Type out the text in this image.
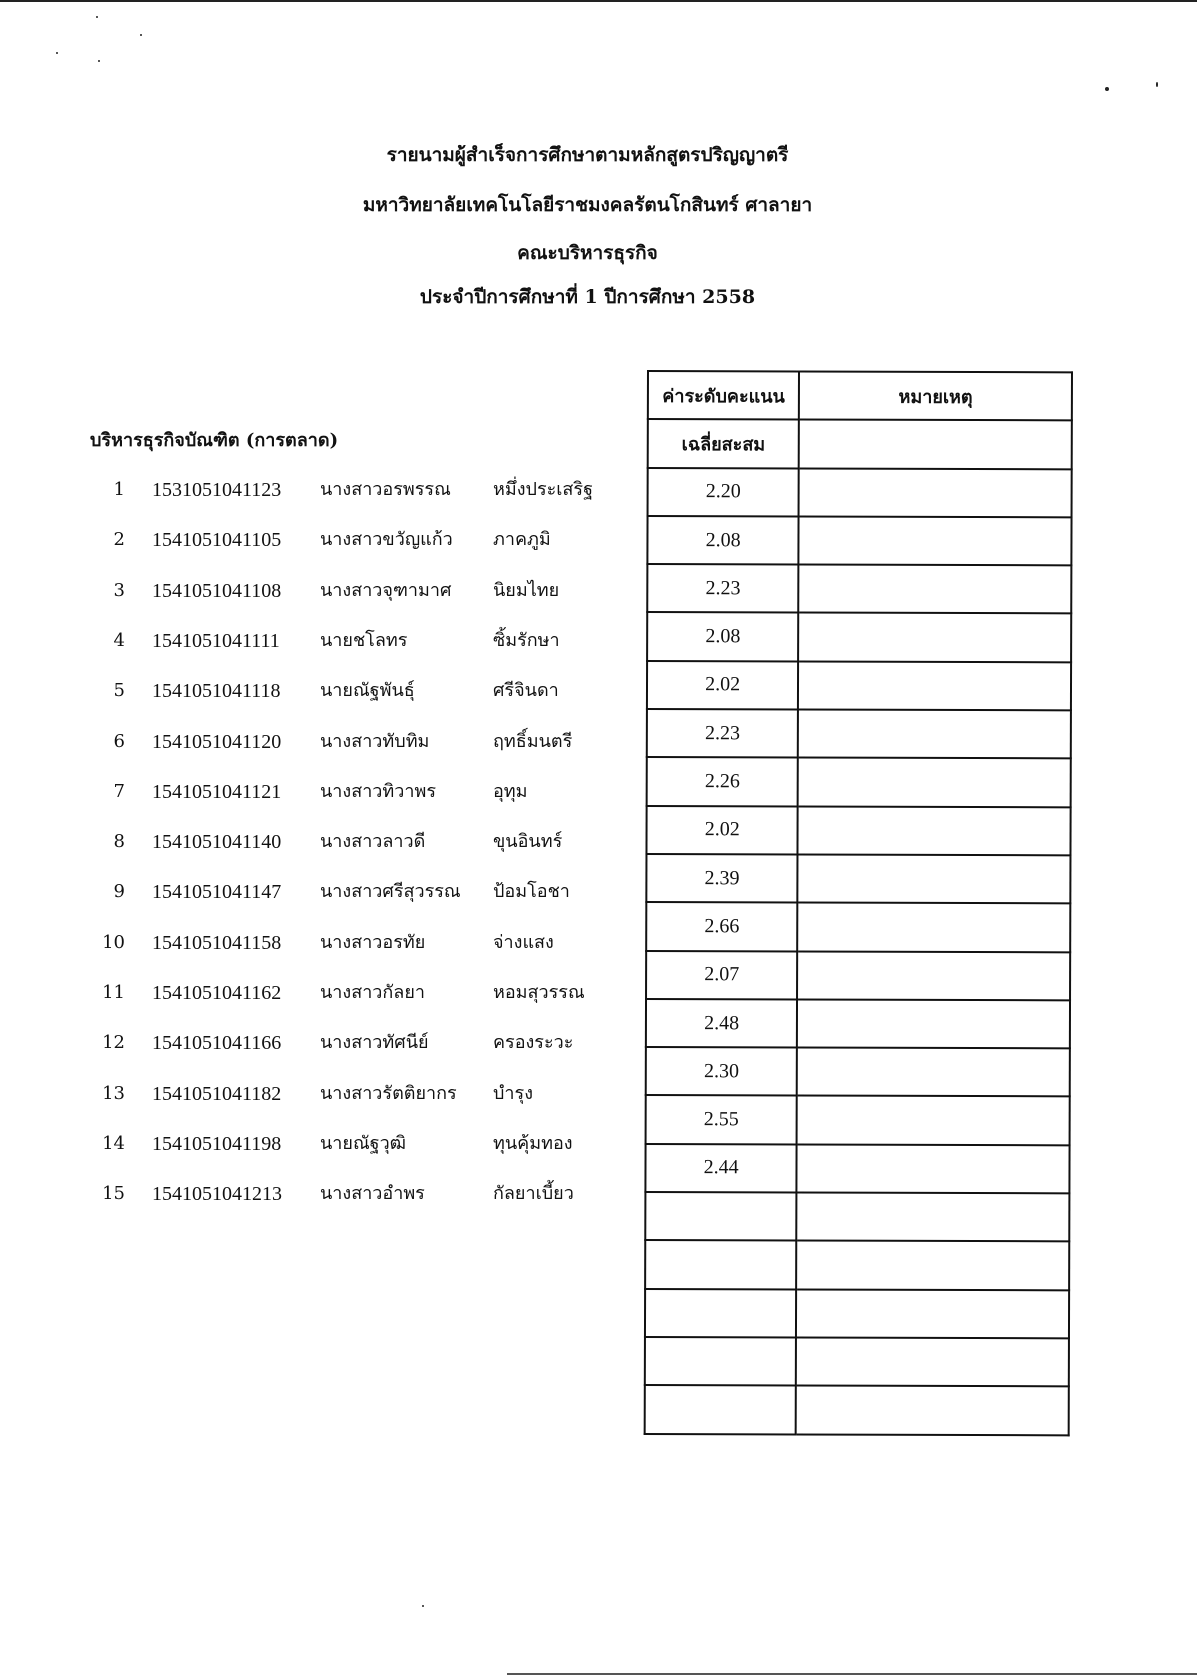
รายนามผู้สำเร็จการศึกษาตามหลักสูตรปริญญาตรี
มหาวิทยาลัยเทคโนโลยีราชมงคลรัตนโกสินทร์ ศาลายา
คณะบริหารธุรกิจ
ประจำปีการศึกษาที่ 1 ปีการศึกษา 2558
บริหารธุรกิจบัณฑิต (การตลาด)
1 1531051041123 นางสาวอรพรรณ หมึ่งประเสริฐ
2 1541051041105 นางสาวขวัญแก้ว ภาคภูมิ
3 1541051041108 นางสาวจุฑามาศ นิยมไทย
4 1541051041111 นายชโลทร	ซิ้มรักษา
5 1541051041118 นายณัฐพันธุ์	ศรีจินดา
6 1541051041120 นางสาวทับทิม	ฤทธิ์มนตรี
7 1541051041121 นางสาวทิวาพร	อุทุม
8 1541051041140 นางสาวลาวดี	ขุนอินทร์
9 1541051041147 นางสาวศรีสุวรรณ ป้อมโอชา
10 1541051041158 นางสาวอรทัย	จ่างแสง
11 1541051041162 นางสาวกัลยา	หอมสุวรรณ
12 1541051041166 นางสาวทัศนีย์	ครองระวะ
13 1541051041182 นางสาวรัตติยากร บำรุง
14 1541051041198 นายณัฐวุฒิ	ทุนคุ้มทอง
15 1541051041213 นางสาวอำพร	กัลยาเบี้ยว
ค่าระดับคะแนน	หมายเหตุ
เฉลี่ยสะสม	
2.20	
2.08	
2.23	
2.08	
2.02	
2.23	
2.26	
2.02	
2.39	
2.66	
2.07	
2.48	
2.30	
2.55	
2.44	
